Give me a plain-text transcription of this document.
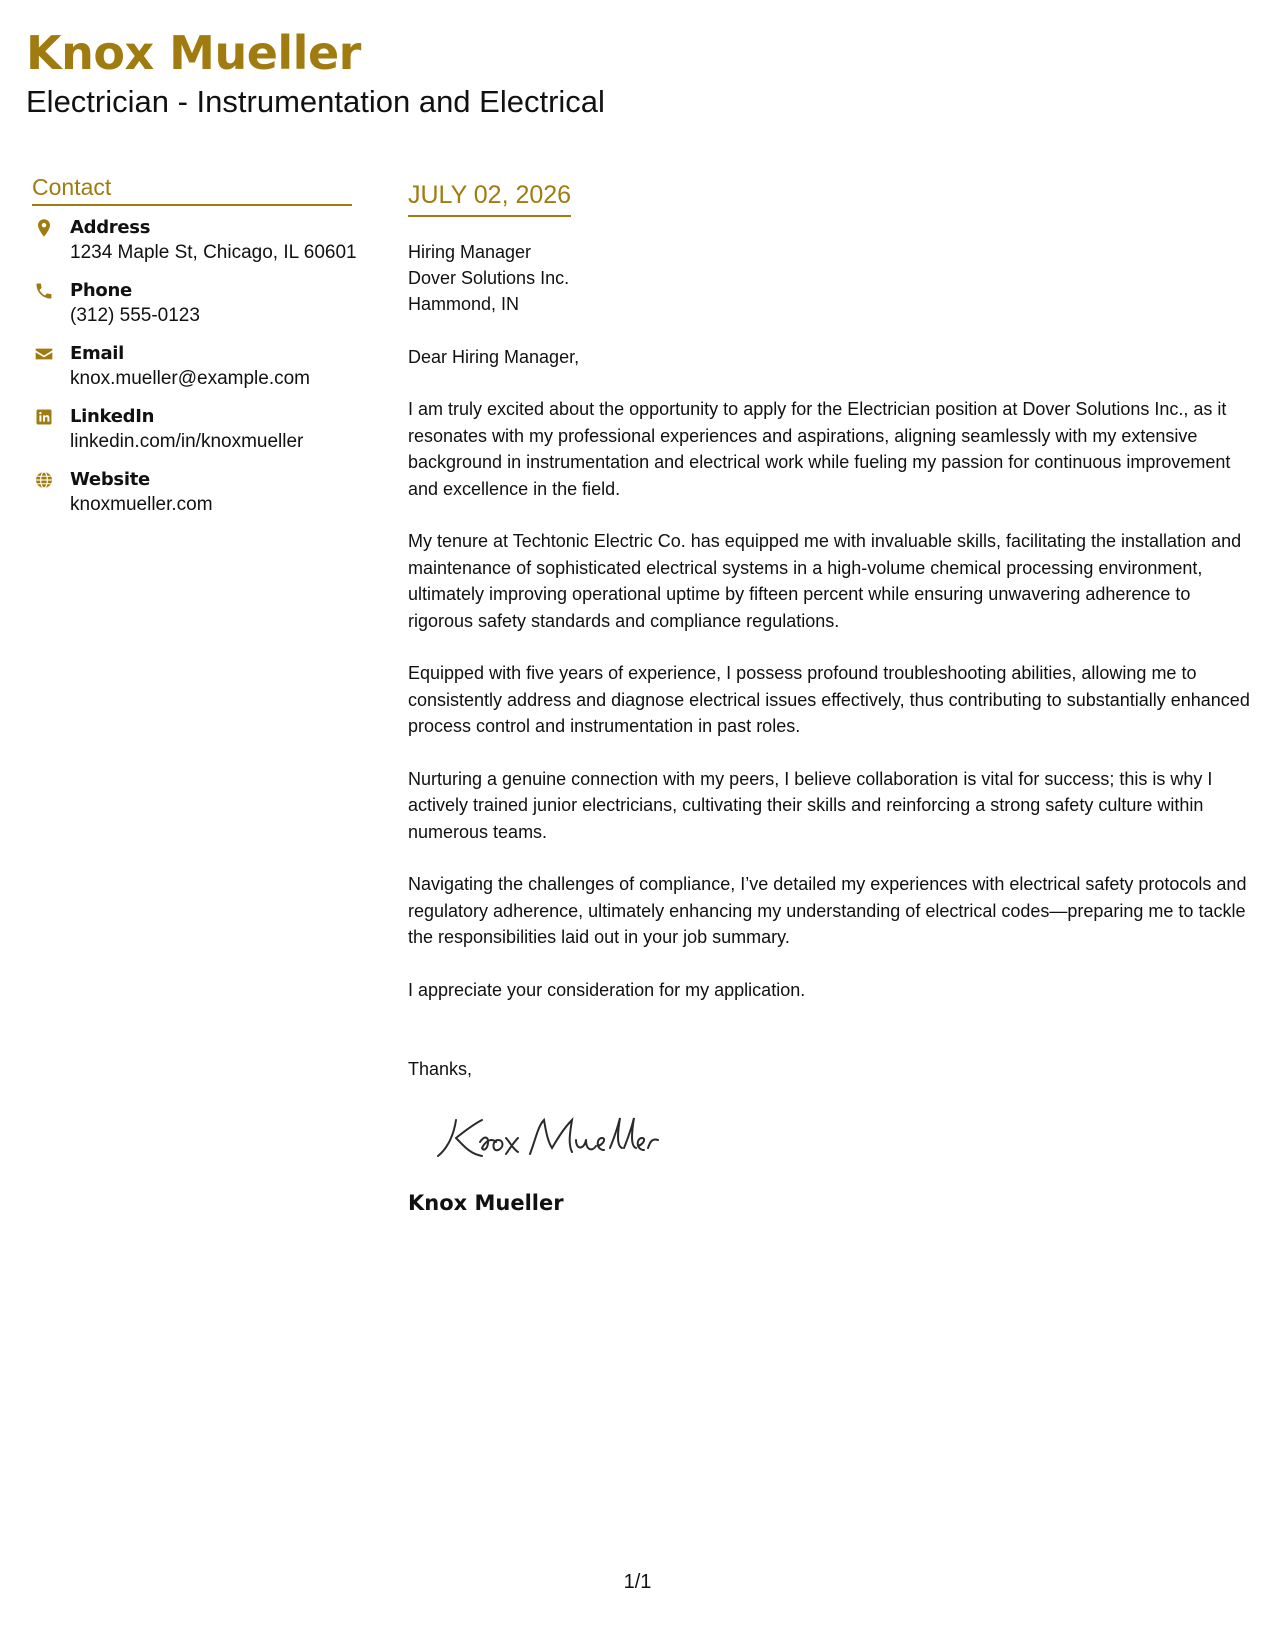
Knox Mueller
Electrician - Instrumentation and Electrical
Contact
Address
1234 Maple St, Chicago, IL 60601
Phone
(312) 555-0123
Email
knox.mueller@example.com
LinkedIn
linkedin.com/in/knoxmueller
Website
knoxmueller.com
JULY 02, 2026
Hiring Manager
Dover Solutions Inc.
Hammond, IN
Dear Hiring Manager,
I am truly excited about the opportunity to apply for the Electrician position at Dover Solutions Inc., as it resonates with my professional experiences and aspirations, aligning seamlessly with my extensive background in instrumentation and electrical work while fueling my passion for continuous improvement and excellence in the field.
My tenure at Techtonic Electric Co. has equipped me with invaluable skills, facilitating the installation and maintenance of sophisticated electrical systems in a high-volume chemical processing environment, ultimately improving operational uptime by fifteen percent while ensuring unwavering adherence to rigorous safety standards and compliance regulations.
Equipped with five years of experience, I possess profound troubleshooting abilities, allowing me to consistently address and diagnose electrical issues effectively, thus contributing to substantially enhanced process control and instrumentation in past roles.
Nurturing a genuine connection with my peers, I believe collaboration is vital for success; this is why I actively trained junior electricians, cultivating their skills and reinforcing a strong safety culture within numerous teams.
Navigating the challenges of compliance, I’ve detailed my experiences with electrical safety protocols and regulatory adherence, ultimately enhancing my understanding of electrical codes—preparing me to tackle the responsibilities laid out in your job summary.
I appreciate your consideration for my application.
Thanks,
Knox Mueller
1/1
